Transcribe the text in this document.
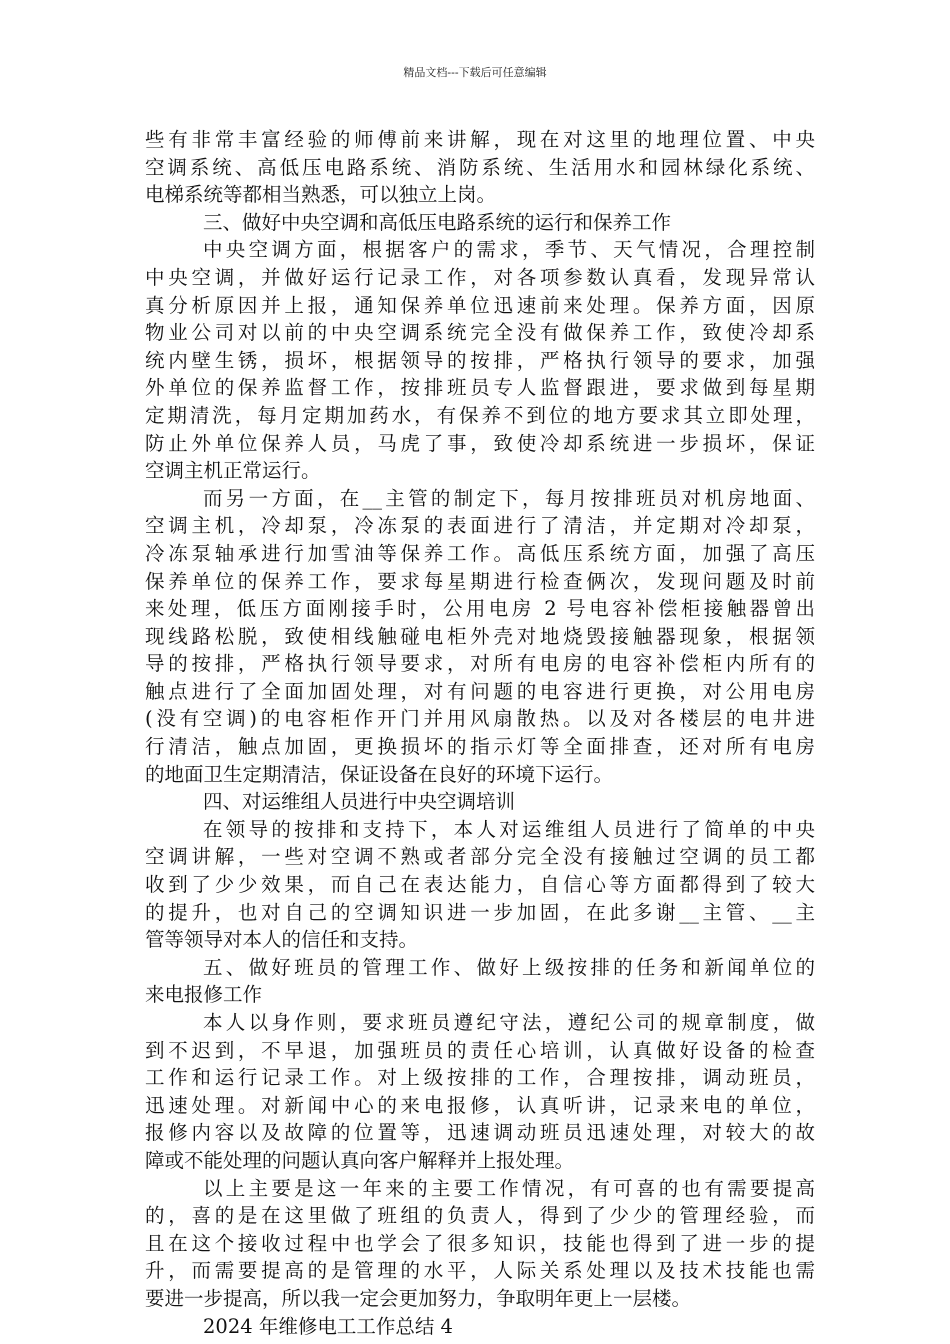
精品文档---下载后可任意编辑
些有非常丰富经验的师傅前来讲解，现在对这里的地理位置、中央
空调系统、高低压电路系统、消防系统、生活用水和园林绿化系统、
电梯系统等都相当熟悉，可以独立上岗。
三、做好中央空调和高低压电路系统的运行和保养工作
中央空调方面，根据客户的需求，季节、天气情况，合理控制
中央空调，并做好运行记录工作，对各项参数认真看，发现异常认
真分析原因并上报，通知保养单位迅速前来处理。保养方面，因原
物业公司对以前的中央空调系统完全没有做保养工作，致使冷却系
统内壁生锈，损坏，根据领导的按排，严格执行领导的要求，加强
外单位的保养监督工作，按排班员专人监督跟进，要求做到每星期
定期清洗，每月定期加药水，有保养不到位的地方要求其立即处理，
防止外单位保养人员，马虎了事，致使冷却系统进一步损坏，保证
空调主机正常运行。
而另一方面，在__主管的制定下，每月按排班员对机房地面、
空调主机，冷却泵，冷冻泵的表面进行了清洁，并定期对冷却泵，
冷冻泵轴承进行加雪油等保养工作。高低压系统方面，加强了高压
保养单位的保养工作，要求每星期进行检查俩次，发现问题及时前
来处理，低压方面刚接手时，公用电房 2 号电容补偿柜接触器曾出
现线路松脱，致使相线触碰电柜外壳对地烧毁接触器现象，根据领
导的按排，严格执行领导要求，对所有电房的电容补偿柜内所有的
触点进行了全面加固处理，对有问题的电容进行更换，对公用电房
(没有空调)的电容柜作开门并用风扇散热。以及对各楼层的电井进
行清洁，触点加固，更换损坏的指示灯等全面排查，还对所有电房
的地面卫生定期清洁，保证设备在良好的环境下运行。
四、对运维组人员进行中央空调培训
在领导的按排和支持下，本人对运维组人员进行了简单的中央
空调讲解，一些对空调不熟或者部分完全没有接触过空调的员工都
收到了少少效果，而自己在表达能力，自信心等方面都得到了较大
的提升，也对自己的空调知识进一步加固，在此多谢__主管、__主
管等领导对本人的信任和支持。
五、做好班员的管理工作、做好上级按排的任务和新闻单位的
来电报修工作
本人以身作则，要求班员遵纪守法，遵纪公司的规章制度，做
到不迟到，不早退，加强班员的责任心培训，认真做好设备的检查
工作和运行记录工作。对上级按排的工作，合理按排，调动班员，
迅速处理。对新闻中心的来电报修，认真听讲，记录来电的单位，
报修内容以及故障的位置等，迅速调动班员迅速处理，对较大的故
障或不能处理的问题认真向客户解释并上报处理。
以上主要是这一年来的主要工作情况，有可喜的也有需要提高
的，喜的是在这里做了班组的负责人，得到了少少的管理经验，而
且在这个接收过程中也学会了很多知识，技能也得到了进一步的提
升，而需要提高的是管理的水平，人际关系处理以及技术技能也需
要进一步提高，所以我一定会更加努力，争取明年更上一层楼。
2024 年维修电工工作总结 4
